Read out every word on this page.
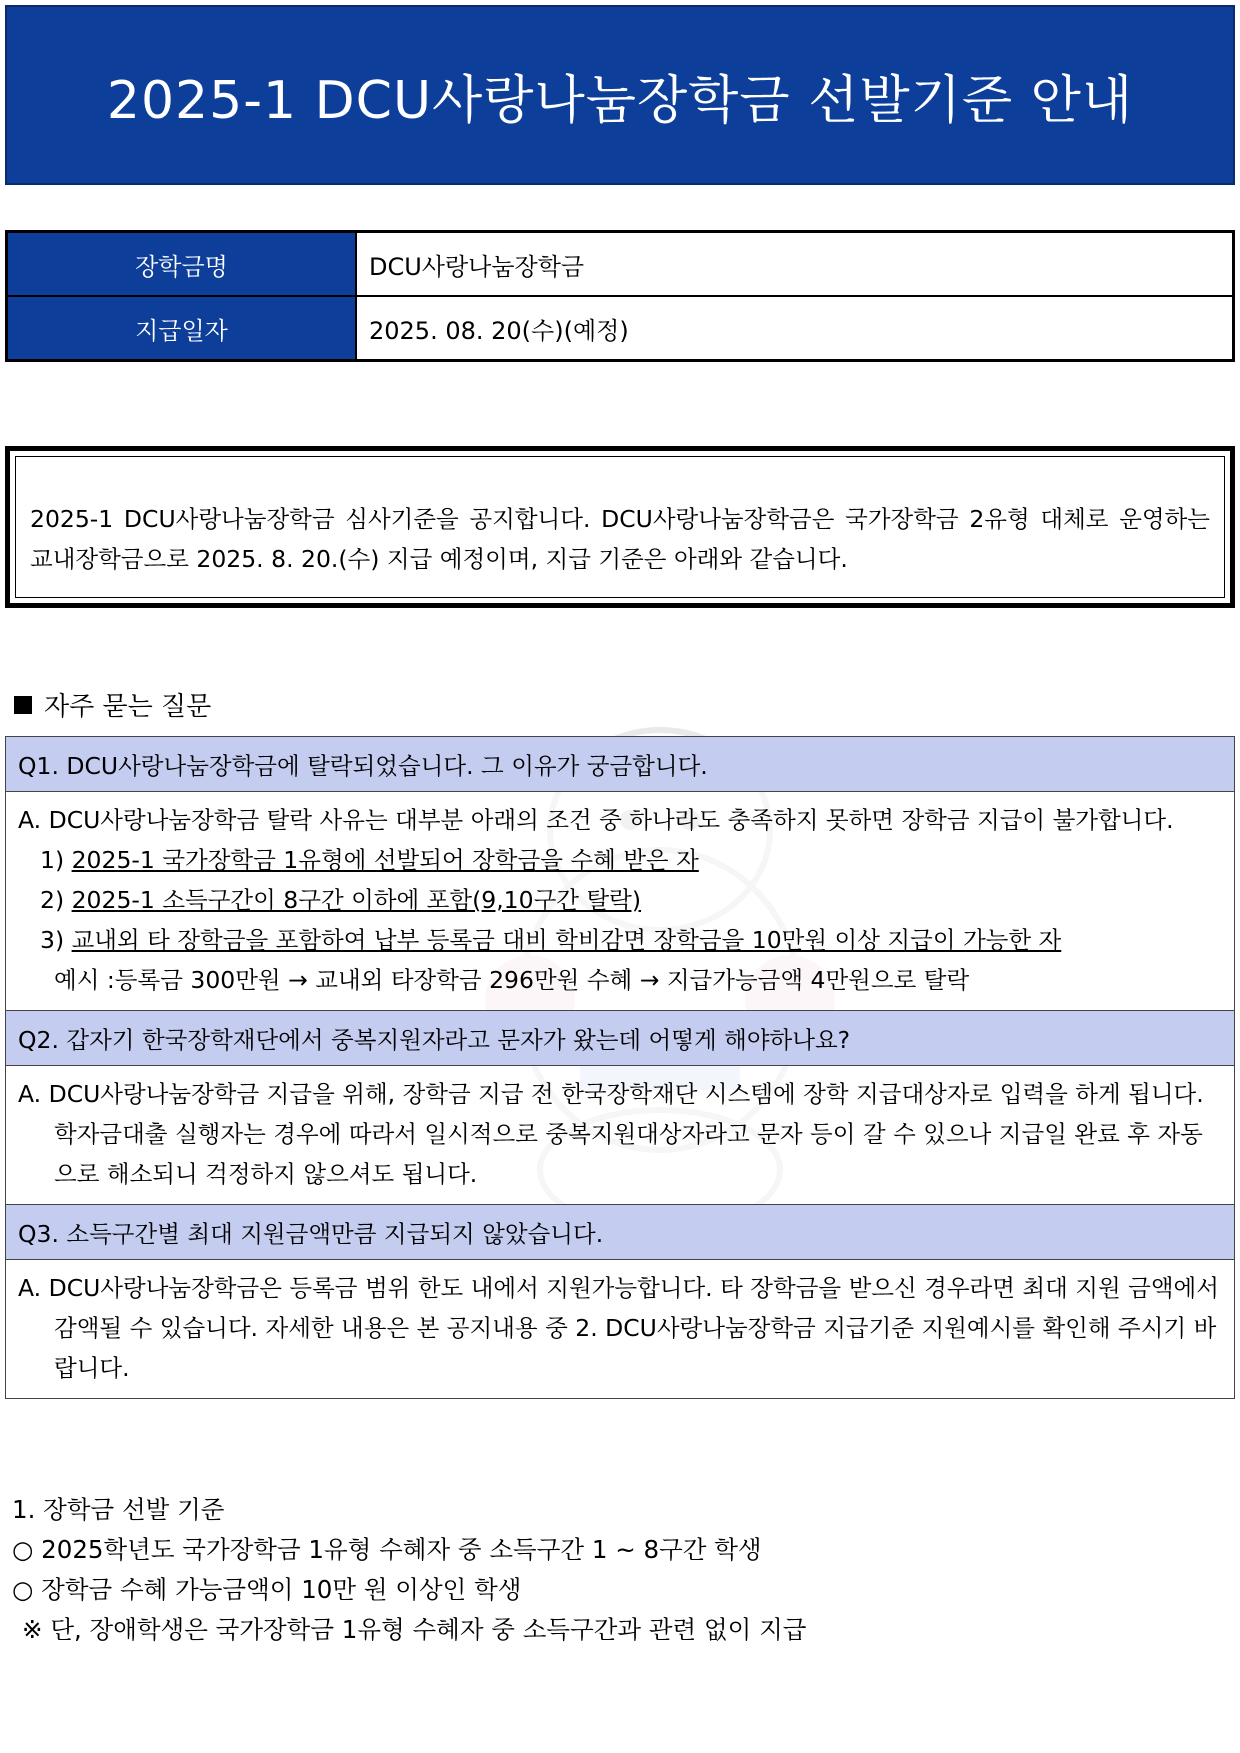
2025-1 DCU사랑나눔장학금 선발기준 안내
장학금명	DCU사랑나눔장학금
지급일자	2025. 08. 20(수)(예정)
2025-1 DCU사랑나눔장학금 심사기준을 공지합니다. DCU사랑나눔장학금은 국가장학금 2유형 대체로 운영하는 교내장학금으로 2025. 8. 20.(수) 지급 예정이며, 지급 기준은 아래와 같습니다.
자주 묻는 질문
Q1. DCU사랑나눔장학금에 탈락되었습니다. 그 이유가 궁금합니다.

A. DCU사랑나눔장학금 탈락 사유는 대부분 아래의 조건 중 하나라도 충족하지 못하면 장학금 지급이 불가합니다.
1) 2025-1 국가장학금 1유형에 선발되어 장학금을 수혜 받은 자
2) 2025-1 소득구간이 8구간 이하에 포함(9,10구간 탈락)
3) 교내외 타 장학금을 포함하여 납부 등록금 대비 학비감면 장학금을 10만원 이상 지급이 가능한 자
예시 :등록금 300만원 → 교내외 타장학금 296만원 수혜 → 지급가능금액 4만원으로 탈락

Q2. 갑자기 한국장학재단에서 중복지원자라고 문자가 왔는데 어떻게 해야하나요?

A. DCU사랑나눔장학금 지급을 위해, 장학금 지급 전 한국장학재단 시스템에 장학 지급대상자로 입력을 하게 됩니다.
학자금대출 실행자는 경우에 따라서 일시적으로 중복지원대상자라고 문자 등이 갈 수 있으나 지급일 완료 후 자동으로 해소되니 걱정하지 않으셔도 됩니다.

Q3. 소득구간별 최대 지원금액만큼 지급되지 않았습니다.

A. DCU사랑나눔장학금은 등록금 범위 한도 내에서 지원가능합니다. 타 장학금을 받으신 경우라면 최대 지원 금액에서
감액될 수 있습니다. 자세한 내용은 본 공지내용 중 2. DCU사랑나눔장학금 지급기준 지원예시를 확인해 주시기 바랍니다.
1. 장학금 선발 기준
○ 2025학년도 국가장학금 1유형 수혜자 중 소득구간 1 ~ 8구간 학생
○ 장학금 수혜 가능금액이 10만 원 이상인 학생
※ 단, 장애학생은 국가장학금 1유형 수혜자 중 소득구간과 관련 없이 지급
